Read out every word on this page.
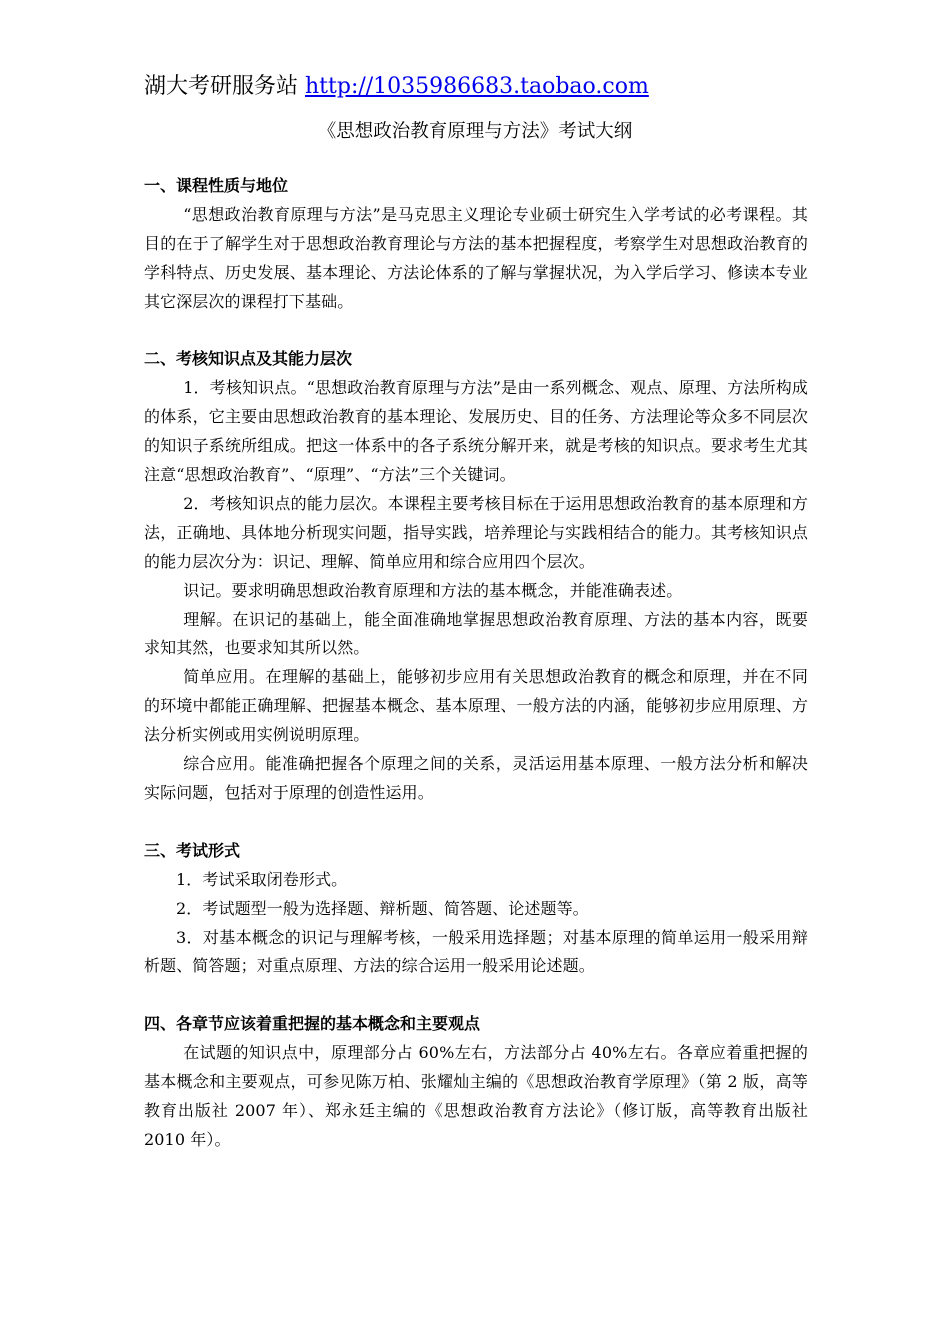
湖大考研服务站 http://1035986683.taobao.com
《思想政治教育原理与方法》考试大纲

一、课程性质与地位

“思想政治教育原理与方法”是马克思主义理论专业硕士研究生入学考试的必考课程。其目的在于了解学生对于思想政治教育理论与方法的基本把握程度，考察学生对思想政治教育的学科特点、历史发展、基本理论、方法论体系的了解与掌握状况，为入学后学习、修读本专业其它深层次的课程打下基础。

二、考核知识点及其能力层次

1．考核知识点。“思想政治教育原理与方法”是由一系列概念、观点、原理、方法所构成的体系，它主要由思想政治教育的基本理论、发展历史、目的任务、方法理论等众多不同层次的知识子系统所组成。把这一体系中的各子系统分解开来，就是考核的知识点。要求考生尤其注意“思想政治教育”、“原理”、“方法”三个关键词。

2．考核知识点的能力层次。本课程主要考核目标在于运用思想政治教育的基本原理和方法，正确地、具体地分析现实问题，指导实践，培养理论与实践相结合的能力。其考核知识点的能力层次分为：识记、理解、简单应用和综合应用四个层次。

识记。要求明确思想政治教育原理和方法的基本概念，并能准确表述。

理解。在识记的基础上，能全面准确地掌握思想政治教育原理、方法的基本内容，既要求知其然，也要求知其所以然。

简单应用。在理解的基础上，能够初步应用有关思想政治教育的概念和原理，并在不同的环境中都能正确理解、把握基本概念、基本原理、一般方法的内涵，能够初步应用原理、方法分析实例或用实例说明原理。

综合应用。能准确把握各个原理之间的关系，灵活运用基本原理、一般方法分析和解决实际问题，包括对于原理的创造性运用。

三、考试形式

1．考试采取闭卷形式。

2．考试题型一般为选择题、辩析题、简答题、论述题等。

3．对基本概念的识记与理解考核，一般采用选择题；对基本原理的简单运用一般采用辩析题、简答题；对重点原理、方法的综合运用一般采用论述题。

四、各章节应该着重把握的基本概念和主要观点

在试题的知识点中，原理部分占 60%左右，方法部分占 40%左右。各章应着重把握的基本概念和主要观点，可参见陈万柏、张耀灿主编的《思想政治教育学原理》（第 2 版，高等教育出版社 2007 年）、郑永廷主编的《思想政治教育方法论》（修订版，高等教育出版社 2010 年）。
